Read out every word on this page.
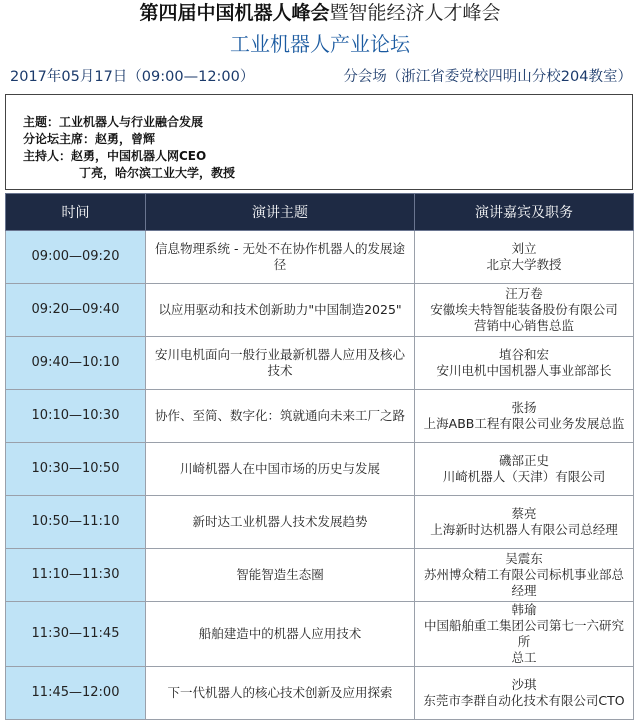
第四届中国机器人峰会暨智能经济人才峰会
工业机器人产业论坛
2017年05月17日（09:00—12:00）	分会场（浙江省委党校四明山分校204教室）
主题：工业机器人与行业融合发展
分论坛主席：赵勇，曾辉
主持人：赵勇，中国机器人网CEO
丁亮，哈尔滨工业大学，教授
时间	演讲主题	演讲嘉宾及职务
09:00—09:20	信息物理系统 - 无处不在协作机器人的发展途径	刘立
北京大学教授

09:20—09:40	以应用驱动和技术创新助力"中国制造2025"	汪万卷
安徽埃夫特智能装备股份有限公司
营销中心销售总监

09:40—10:10	安川电机面向一般行业最新机器人应用及核心技术	埴谷和宏
安川电机中国机器人事业部部长

10:10—10:30	协作、至简、数字化：筑就通向未来工厂之路	张扬
上海ABB工程有限公司业务发展总监

10:30—10:50	川崎机器人在中国市场的历史与发展	磯部正史
川崎机器人（天津）有限公司

10:50—11:10	新时达工业机器人技术发展趋势	蔡亮
上海新时达机器人有限公司总经理

11:10—11:30	智能智造生态圈	吴震东
苏州博众精工有限公司标机事业部总经理

11:30—11:45	船舶建造中的机器人应用技术	韩瑜
中国船舶重工集团公司第七一六研究所
总工

11:45—12:00	下一代机器人的核心技术创新及应用探索	沙琪
东莞市李群自动化技术有限公司CTO
